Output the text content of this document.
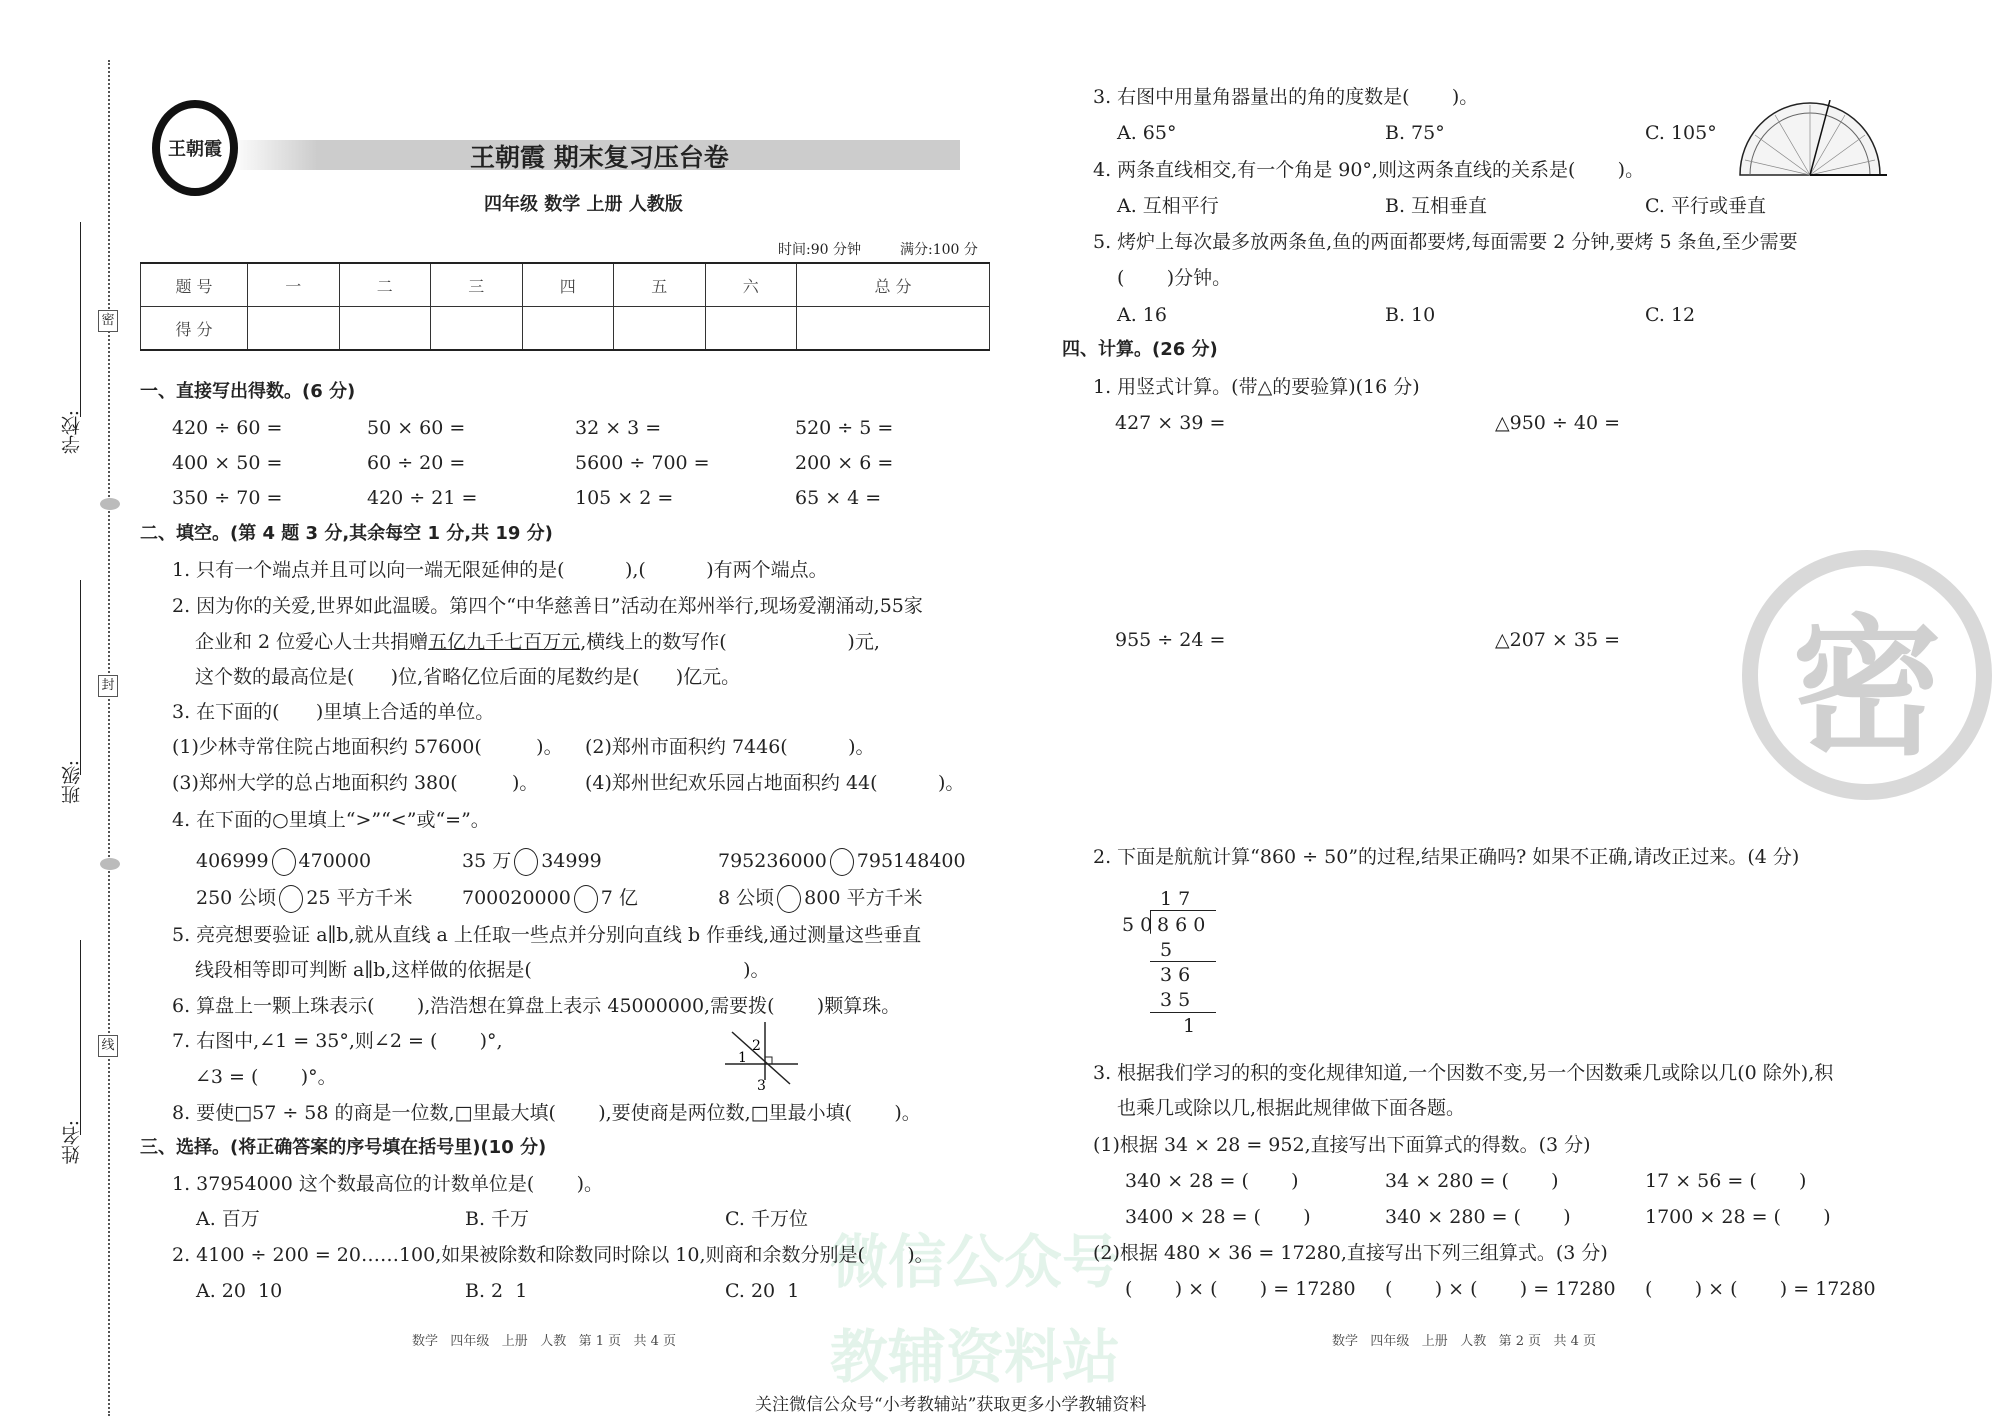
微信公众号
教辅资料站
密
密
封
线
学校:
班级:
姓名:
王朝霞	王朝霞 期末复习压台卷
四年级 数学 上册 人教版
时间:90 分钟	满分:100 分
题 号	一	二	三	四	五	六	总 分
得 分							
一、直接写出得数。(6 分)
420 ÷ 60 =	50 × 60 =	32 × 3 =	520 ÷ 5 =
400 × 50 =	60 ÷ 20 =	5600 ÷ 700 =	200 × 6 =
350 ÷ 70 =	420 ÷ 21 =	105 × 2 =	65 × 4 =
二、填空。(第 4 题 3 分,其余每空 1 分,共 19 分)
1. 只有一个端点并且可以向一端无限延伸的是(          ),(          )有两个端点。
2. 因为你的关爱,世界如此温暖。第四个“中华慈善日”活动在郑州举行,现场爱潮涌动,55家
企业和 2 位爱心人士共捐赠五亿九千七百万元,横线上的数写作(                    )元,
这个数的最高位是(      )位,省略亿位后面的尾数约是(      )亿元。
3. 在下面的(      )里填上合适的单位。
(1)少林寺常住院占地面积约 57600(         )。 (2)郑州市面积约 7446(          )。
(3)郑州大学的总占地面积约 380(         )。 (4)郑州世纪欢乐园占地面积约 44(          )。
4. 在下面的○里填上“>”“<”或“=”。
406999 470000	35 万 34999	795236000 795148400
250 公顷 25 平方千米	700020000 7 亿	8 公顷 800 平方千米
5. 亮亮想要验证 a∥b,就从直线 a 上任取一些点并分别向直线 b 作垂线,通过测量这些垂直
线段相等即可判断 a∥b,这样做的依据是(                                   )。
6. 算盘上一颗上珠表示(       ),浩浩想在算盘上表示 45000000,需要拨(       )颗算珠。
7. 右图中,∠1 = 35°,则∠2 = (       )°,
∠3 = (       )°。
1
2
3
8. 要使□57 ÷ 58 的商是一位数,□里最大填(       ),要使商是两位数,□里最小填(       )。
三、选择。(将正确答案的序号填在括号里)(10 分)
1. 37954000 这个数最高位的计数单位是(       )。
A. 百万	B. 千万	C. 千万位
2. 4100 ÷ 200 = 20……100,如果被除数和除数同时除以 10,则商和余数分别是(       )。
A. 20  10	B. 2  1	C. 20  1
数学   四年级   上册   人教   第 1 页   共 4 页
3. 右图中用量角器量出的角的度数是(       )。
A. 65°	B. 75°	C. 105°
4. 两条直线相交,有一个角是 90°,则这两条直线的关系是(       )。
A. 互相平行	B. 互相垂直	C. 平行或垂直
5. 烤炉上每次最多放两条鱼,鱼的两面都要烤,每面需要 2 分钟,要烤 5 条鱼,至少需要
(       )分钟。
A. 16	B. 10	C. 12
四、计算。(26 分)
1. 用竖式计算。(带△的要验算)(16 分)
427 × 39 =	△950 ÷ 40 =
955 ÷ 24 =	△207 × 35 =
2. 下面是航航计算“860 ÷ 50”的过程,结果正确吗? 如果不正确,请改正过来。(4 分)
1 7
5 0 8 6 0
5
3 6
3 5
1
3. 根据我们学习的积的变化规律知道,一个因数不变,另一个因数乘几或除以几(0 除外),积
也乘几或除以几,根据此规律做下面各题。
(1)根据 34 × 28 = 952,直接写出下面算式的得数。(3 分)
340 × 28 = (       )	34 × 280 = (       )	17 × 56 = (       )
3400 × 28 = (       )	340 × 280 = (       )	1700 × 28 = (       )
(2)根据 480 × 36 = 17280,直接写出下列三组算式。(3 分)
(       ) × (       ) = 17280 (       ) × (       ) = 17280 (       ) × (       ) = 17280
数学   四年级   上册   人教   第 2 页   共 4 页
关注微信公众号“小考教辅站”获取更多小学教辅资料
